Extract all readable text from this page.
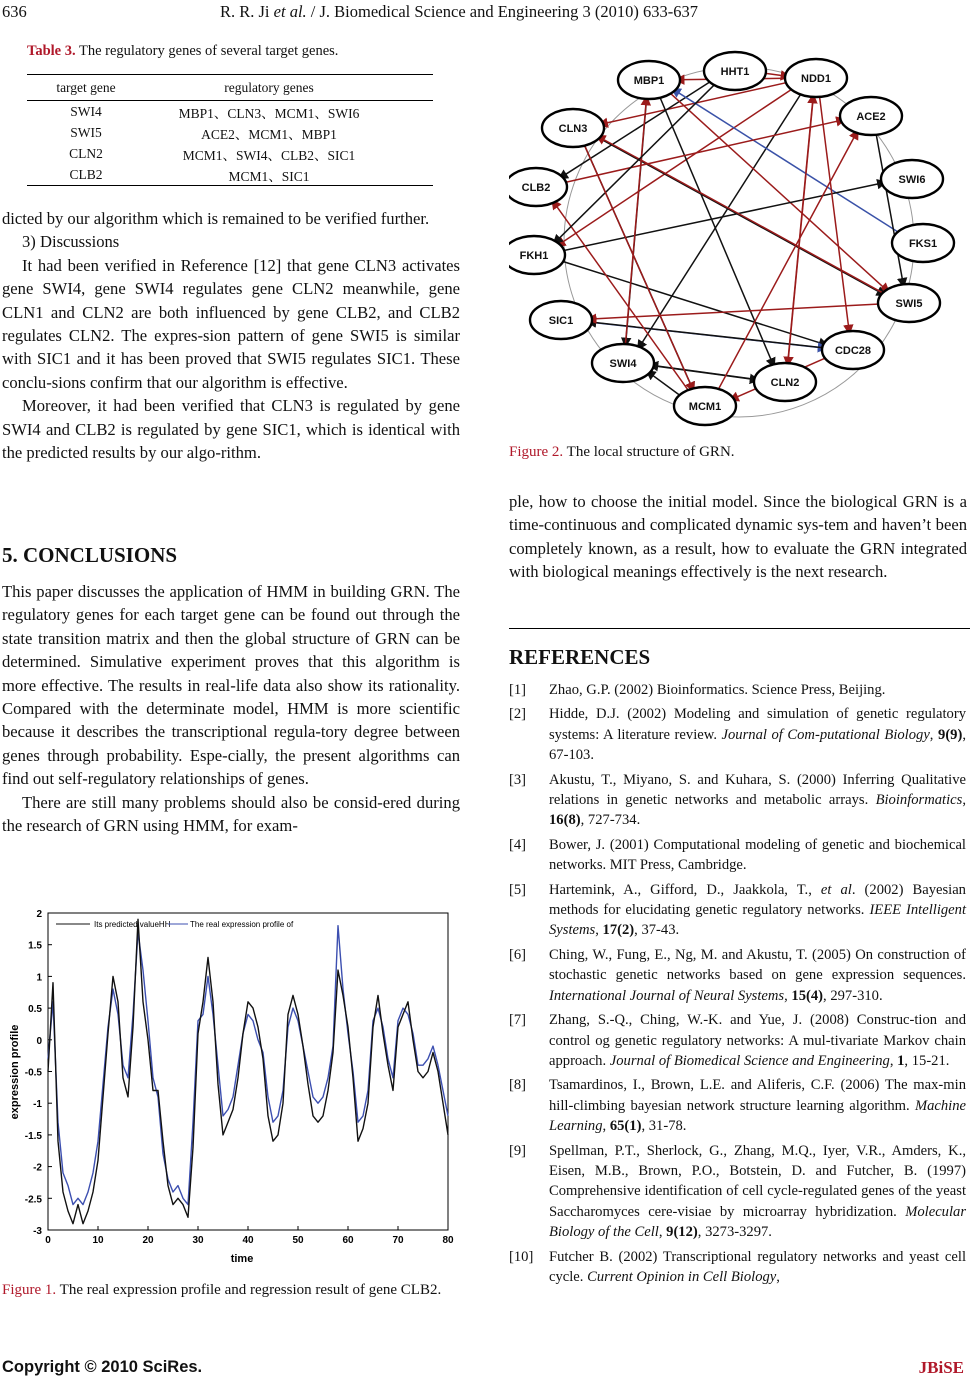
636	R. R. Ji et al. / J. Biomedical Science and Engineering 3 (2010) 633-637
Table 3. The regulatory genes of several target genes.
target gene	regulatory genes
SWI4	MBP1、CLN3、MCM1、SWI6
SWI5	ACE2、MCM1、MBP1
CLN2	MCM1、SWI4、CLB2、SIC1
CLB2	MCM1、SIC1

dicted by our algorithm which is remained to be verified further.

3) Discussions

It had been verified in Reference [12] that gene CLN3 activates gene SWI4, gene SWI4 regulates gene CLN2 meanwhile, gene CLN1 and CLN2 are both influenced by gene CLB2, and CLB2 regulates CLN2. The expres-sion pattern of gene SWI5 is similar with SIC1 and it has been proved that SWI5 regulates SIC1. These conclu-sions confirm that our algorithm is effective.

Moreover, it had been verified that CLN3 is regulated by gene SWI4 and CLB2 is regulated by gene SIC1, which is identical with the predicted results by our algo-rithm.

5. CONCLUSIONS

This paper discusses the application of HMM in building GRN. The regulatory genes for each target gene can be found out through the state transition matrix and then the global structure of GRN can be determined. Simulative experiment proves that this algorithm is more effective. The results in real-life data also show its rationality. Compared with the determinate model, HMM is more scientific because it describes the transcriptional regula-tory degree between genes through probability. Espe-cially, the present algorithms can find out self-regulatory relationships of genes.

There are still many problems should also be consid-ered during the research of GRN using HMM, for exam-

2
1.5
1
0.5
0
-0.5
-1
-1.5
-2
-2.5
-3
0	10	20	30	40	50	60	70	80
Its predicted valueHH The real expression profile of
time
expression profile
Figure 1. The real expression profile and regression result of gene CLB2.
MBP1
HHT1
NDD1
ACE2
SWI6
FKS1
SWI5
CDC28
CLN2
MCM1
SWI4
SIC1
FKH1
CLB2
CLN3
Figure 2. The local structure of GRN.

ple, how to choose the initial model. Since the biological GRN is a time-continuous and complicated dynamic sys-tem and haven’t been completely known, as a result, how to evaluate the GRN integrated with biological meanings effectively is the next research.

REFERENCES
[1]	Zhao, G.P. (2002) Bioinformatics. Science Press, Beijing.
[2]	Hidde, D.J. (2002) Modeling and simulation of genetic regulatory systems: A literature review. Journal of Com-putational Biology, 9(9), 67-103.
[3]	Akustu, T., Miyano, S. and Kuhara, S. (2000) Inferring Qualitative relations in genetic networks and metabolic arrays. Bioinformatics, 16(8), 727-734.
[4]	Bower, J. (2001) Computational modeling of genetic and biochemical networks. MIT Press, Cambridge.
[5]	Hartemink, A., Gifford, D., Jaakkola, T., et al. (2002) Bayesian methods for elucidating genetic regulatory networks. IEEE Intelligent Systems, 17(2), 37-43.
[6]	Ching, W., Fung, E., Ng, M. and Akustu, T. (2005) On construction of stochastic genetic networks based on gene expression sequences. International Journal of Neural Systems, 15(4), 297-310.
[7]	Zhang, S.-Q., Ching, W.-K. and Yue, J. (2008) Construc-tion and control og genetic regulatory networks: A mul-tivariate Markov chain approach. Journal of Biomedical Science and Engineering, 1, 15-21.
[8]	Tsamardinos, I., Brown, L.E. and Aliferis, C.F. (2006) The max-min hill-climbing bayesian network structure learning algorithm. Machine Learning, 65(1), 31-78.
[9]	Spellman, P.T., Sherlock, G., Zhang, M.Q., Iyer, V.R., Amders, K., Eisen, M.B., Brown, P.O., Botstein, D. and Futcher, B. (1997) Comprehensive identification of cell cycle-regulated genes of the yeast Saccharomyces cere-visiae by microarray hybridization. Molecular Biology of the Cell, 9(12), 3273-3297.
[10]	Futcher B. (2002) Transcriptional regulatory networks and yeast cell cycle. Current Opinion in Cell Biology,
Copyright © 2010 SciRes.	JBiSE
